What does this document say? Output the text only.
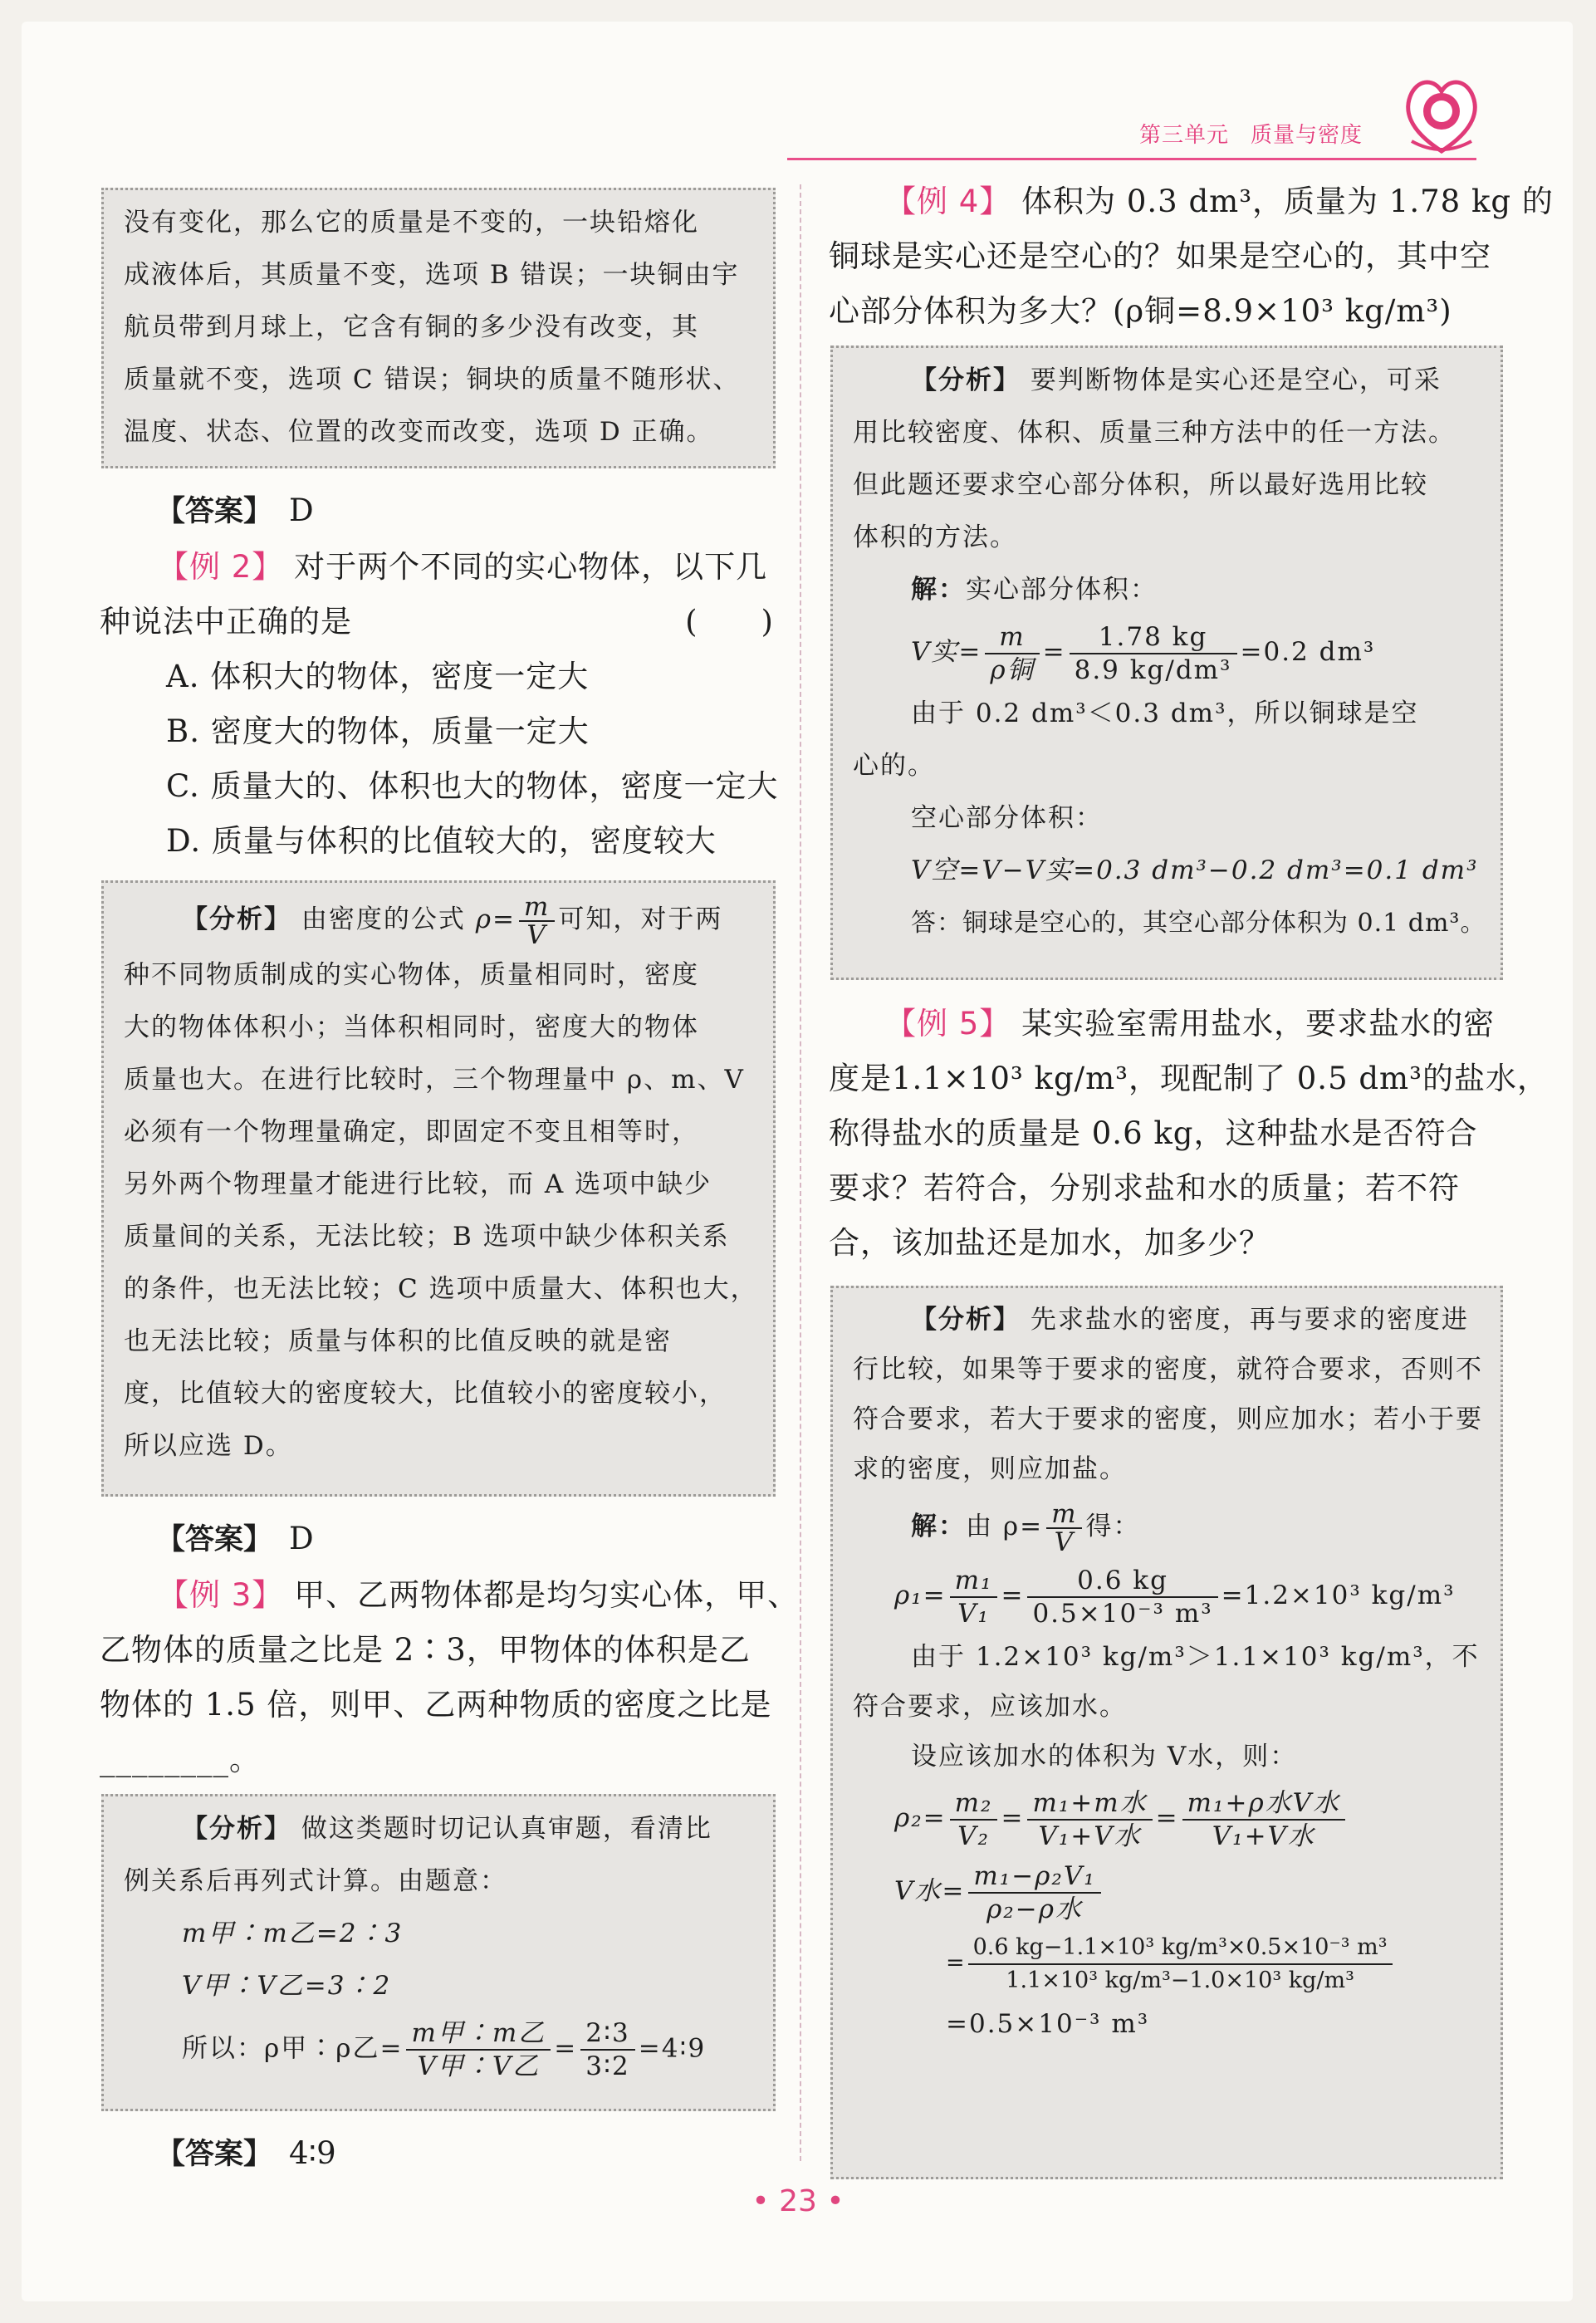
第三单元 质量与密度
没有变化，那么它的质量是不变的，一块铅熔化
成液体后，其质量不变，选项 B 错误；一块铜由宇
航员带到月球上，它含有铜的多少没有改变，其
质量就不变，选项 C 错误；铜块的质量不随形状、
温度、状态、位置的改变而改变，选项 D 正确。
【答案】 D
【例 2】 对于两个不同的实心物体，以下几
种说法中正确的是	(　　)
A. 体积大的物体，密度一定大
B. 密度大的物体，质量一定大
C. 质量大的、体积也大的物体，密度一定大
D. 质量与体积的比值较大的，密度较大
【分析】 由密度的公式 $\rho= \frac{m}{V}$ 可知，对于两
种不同物质制成的实心物体，质量相同时，密度
大的物体体积小；当体积相同时，密度大的物体
质量也大。在进行比较时，三个物理量中 ρ、m、V
必须有一个物理量确定，即固定不变且相等时，
另外两个物理量才能进行比较，而 A 选项中缺少
质量间的关系，无法比较；B 选项中缺少体积关系
的条件，也无法比较；C 选项中质量大、体积也大，
也无法比较；质量与体积的比值反映的就是密
度，比值较大的密度较大，比值较小的密度较小，
所以应选 D。
【答案】 D
【例 3】 甲、乙两物体都是均匀实心体，甲、
乙物体的质量之比是 2∶3，甲物体的体积是乙
物体的 1.5 倍，则甲、乙两种物质的密度之比是
________。
【分析】 做这类题时切记认真审题，看清比
例关系后再列式计算。由题意：
m甲∶m乙=2∶3
V甲∶V乙=3∶2
所以：ρ甲∶ρ乙= $\frac{\text{m甲∶m乙}}{\text{V甲∶V乙}} = \frac{2∶3}{3∶2}$ =4∶9
【答案】 4∶9
【例 4】 体积为 0.3 dm³，质量为 1.78 kg 的
铜球是实心还是空心的？如果是空心的，其中空
心部分体积为多大？(ρ铜=8.9×10³ kg/m³)
【分析】 要判断物体是实心还是空心，可采
用比较密度、体积、质量三种方法中的任一方法。
但此题还要求空心部分体积，所以最好选用比较
体积的方法。
解：实心部分体积：
V实= $\frac{m}{\text{ρ铜}} = \frac{1.78 kg}{\text{8.9 kg/dm³}} =0.2$ dm³
由于 0.2 dm³＜0.3 dm³，所以铜球是空
心的。
空心部分体积：
V空=V−V实=0.3 dm³−0.2 dm³=0.1 dm³
答：铜球是空心的，其空心部分体积为 0.1 dm³。
【例 5】 某实验室需用盐水，要求盐水的密
度是1.1×10³ kg/m³，现配制了 0.5 dm³的盐水，
称得盐水的质量是 0.6 kg，这种盐水是否符合
要求？若符合，分别求盐和水的质量；若不符
合，该加盐还是加水，加多少？
【分析】 先求盐水的密度，再与要求的密度进
行比较，如果等于要求的密度，就符合要求，否则不
符合要求，若大于要求的密度，则应加水；若小于要
求的密度，则应加盐。
解：由 $\rho= \frac{m}{V}$ 得：
$\rho_1= \frac{\text{m₁}}{\text{V₁}} = \frac{0.6 kg}{\text{0.5×10⁻³ m³}} =1.2\times 10^3$ kg/m³
由于 1.2×10³ kg/m³＞1.1×10³ kg/m³，不
符合要求，应该加水。
设应该加水的体积为 V水，则：
$\rho_2= \frac{\text{m₂}}{\text{V₂}} = \frac{\text{m₁+m水}}{\text{V₁+V水}} = \frac{\text{m₁+ρ水V水}}{\text{V₁+V水}}$
V水= $\frac{\text{m₁−ρ₂V₁}}{\text{ρ₂−ρ水}}$
= $\frac{\text{0.6 kg−1.1×10³ kg/m³×0.5×10⁻³ m³}}{\text{1.1×10³ kg/m³−1.0×10³ kg/m³}}$
=0.5×10⁻³ m³
• 23 •
